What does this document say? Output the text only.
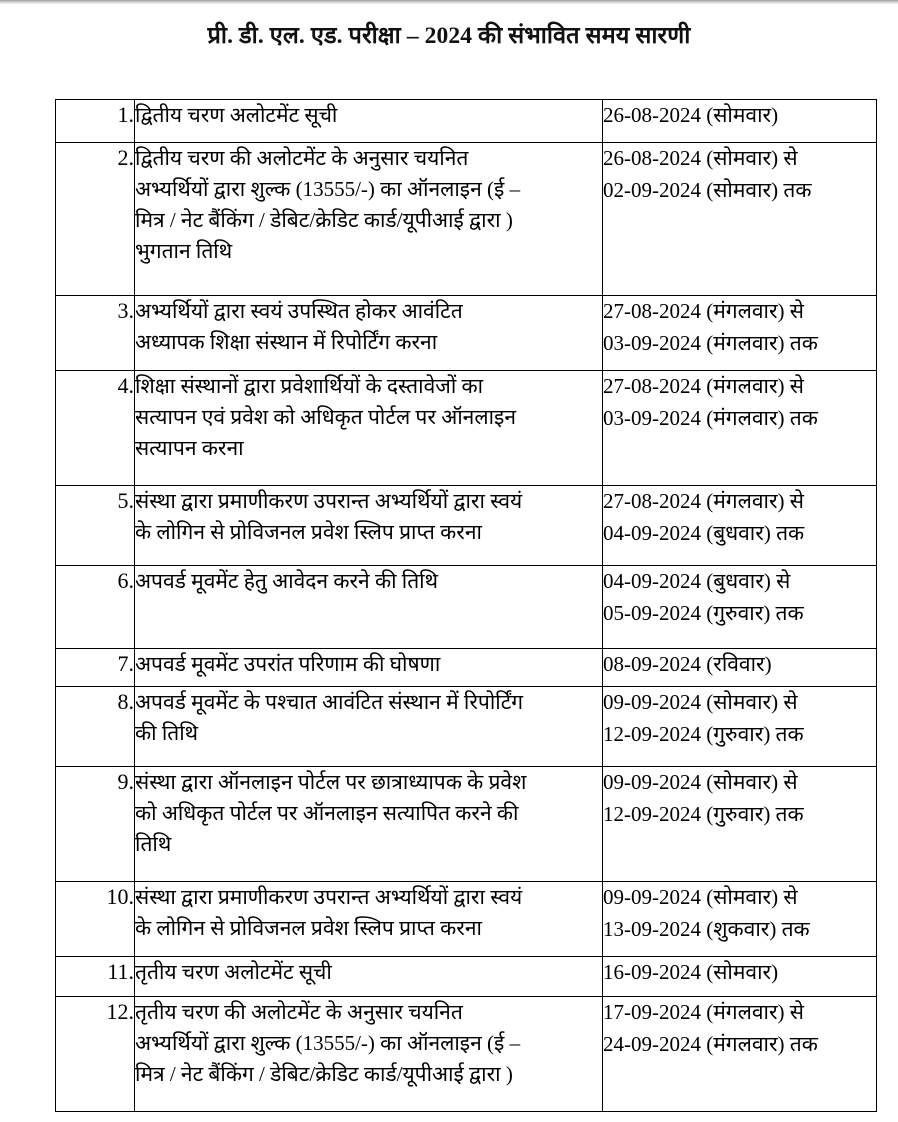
प्री. डी. एल. एड. परीक्षा – 2024 की संभावित समय सारणी
1.	द्वितीय चरण अलोटमेंट सूची	26-08-2024 (सोमवार)

2.	द्वितीय चरण की अलोटमेंट के अनुसार चयनित
अभ्यर्थियों द्वारा शुल्क (13555/-) का ऑनलाइन (ई –
मित्र / नेट बैंकिंग / डेबिट/क्रेडिट कार्ड/यूपीआई द्वारा )
भुगतान तिथि	26-08-2024 (सोमवार) से
02-09-2024 (सोमवार) तक

3.	अभ्यर्थियों द्वारा स्वयं उपस्थित होकर आवंटित
अध्यापक शिक्षा संस्थान में रिपोर्टिंग करना	27-08-2024 (मंगलवार) से
03-09-2024 (मंगलवार) तक

4.	शिक्षा संस्थानों द्वारा प्रवेशार्थियों के दस्तावेजों का
सत्यापन एवं प्रवेश को अधिकृत पोर्टल पर ऑनलाइन
सत्यापन करना	27-08-2024 (मंगलवार) से
03-09-2024 (मंगलवार) तक

5.	संस्था द्वारा प्रमाणीकरण उपरान्त अभ्यर्थियों द्वारा स्वयं
के लोगिन से प्रोविजनल प्रवेश स्लिप प्राप्त करना	27-08-2024 (मंगलवार) से
04-09-2024 (बुधवार) तक

6.	अपवर्ड मूवमेंट हेतु आवेदन करने की तिथि	04-09-2024 (बुधवार) से
05-09-2024 (गुरुवार) तक

7.	अपवर्ड मूवमेंट उपरांत परिणाम की घोषणा	08-09-2024 (रविवार)

8.	अपवर्ड मूवमेंट के पश्चात आवंटित संस्थान में रिपोर्टिंग
की तिथि	09-09-2024 (सोमवार) से
12-09-2024 (गुरुवार) तक

9.	संस्था द्वारा ऑनलाइन पोर्टल पर छात्राध्यापक के प्रवेश
को अधिकृत पोर्टल पर ऑनलाइन सत्यापित करने की
तिथि	09-09-2024 (सोमवार) से
12-09-2024 (गुरुवार) तक

10.	संस्था द्वारा प्रमाणीकरण उपरान्त अभ्यर्थियों द्वारा स्वयं
के लोगिन से प्रोविजनल प्रवेश स्लिप प्राप्त करना	09-09-2024 (सोमवार) से
13-09-2024 (शुकवार) तक

11.	तृतीय चरण अलोटमेंट सूची	16-09-2024 (सोमवार)

12.	तृतीय चरण की अलोटमेंट के अनुसार चयनित
अभ्यर्थियों द्वारा शुल्क (13555/-) का ऑनलाइन (ई –
मित्र / नेट बैंकिंग / डेबिट/क्रेडिट कार्ड/यूपीआई द्वारा )	17-09-2024 (मंगलवार) से
24-09-2024 (मंगलवार) तक
